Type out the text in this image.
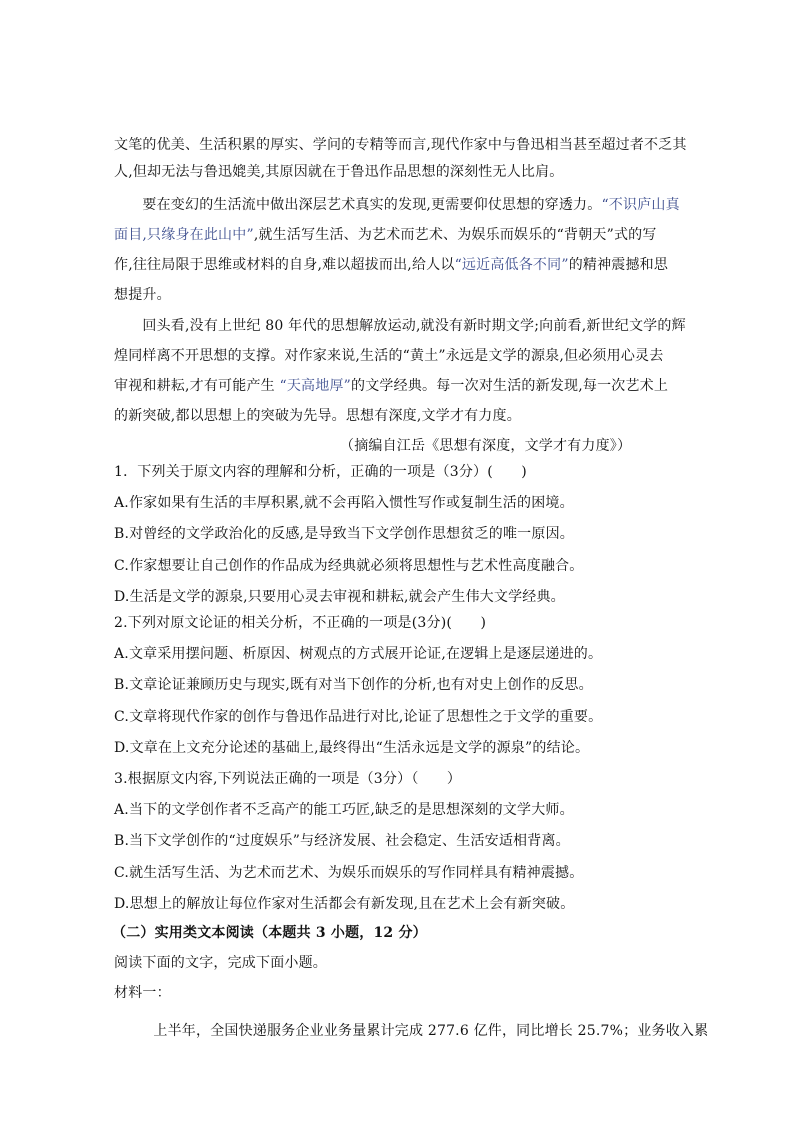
文笔的优美、生活积累的厚实、学问的专精等而言,现代作家中与鲁迅相当甚至超过者不乏其
人,但却无法与鲁迅媲美,其原因就在于鲁迅作品思想的深刻性无人比肩。
　　要在变幻的生活流中做出深层艺术真实的发现,更需要仰仗思想的穿透力。“不识庐山真
面目,只缘身在此山中”,就生活写生活、为艺术而艺术、为娱乐而娱乐的“背朝天”式的写
作,往往局限于思维或材料的自身,难以超拔而出,给人以“远近高低各不同”的精神震撼和思
想提升。
　　回头看,没有上世纪 80 年代的思想解放运动,就没有新时期文学;向前看,新世纪文学的辉
煌同样离不开思想的支撑。对作家来说,生活的“黄土”永远是文学的源泉,但必须用心灵去
审视和耕耘,才有可能产生 “天高地厚”的文学经典。每一次对生活的新发现,每一次艺术上
的新突破,都以思想上的突破为先导。思想有深度,文学才有力度。
（摘编自江岳《思想有深度，文学才有力度》）
1．下列关于原文内容的理解和分析，正确的一项是（3分）(　　)
A.作家如果有生活的丰厚积累,就不会再陷入惯性写作或复制生活的困境。
B.对曾经的文学政治化的反感,是导致当下文学创作思想贫乏的唯一原因。
C.作家想要让自己创作的作品成为经典就必须将思想性与艺术性高度融合。
D.生活是文学的源泉,只要用心灵去审视和耕耘,就会产生伟大文学经典。
2.下列对原文论证的相关分析，不正确的一项是(3分)(　　)
A.文章采用摆问题、析原因、树观点的方式展开论证,在逻辑上是逐层递进的。
B.文章论证兼顾历史与现实,既有对当下创作的分析,也有对史上创作的反思。
C.文章将现代作家的创作与鲁迅作品进行对比,论证了思想性之于文学的重要。
D.文章在上文充分论述的基础上,最终得出“生活永远是文学的源泉”的结论。
3.根据原文内容,下列说法正确的一项是（3分）（　　）
A.当下的文学创作者不乏高产的能工巧匠,缺乏的是思想深刻的文学大师。
B.当下文学创作的“过度娱乐”与经济发展、社会稳定、生活安适相背离。
C.就生活写生活、为艺术而艺术、为娱乐而娱乐的写作同样具有精神震撼。
D.思想上的解放让每位作家对生活都会有新发现,且在艺术上会有新突破。
（二）实用类文本阅读（本题共 3 小题，12 分）
阅读下面的文字，完成下面小题。
材料一：
　　上半年，全国快递服务企业业务量累计完成 277.6 亿件，同比增长 25.7%；业务收入累
